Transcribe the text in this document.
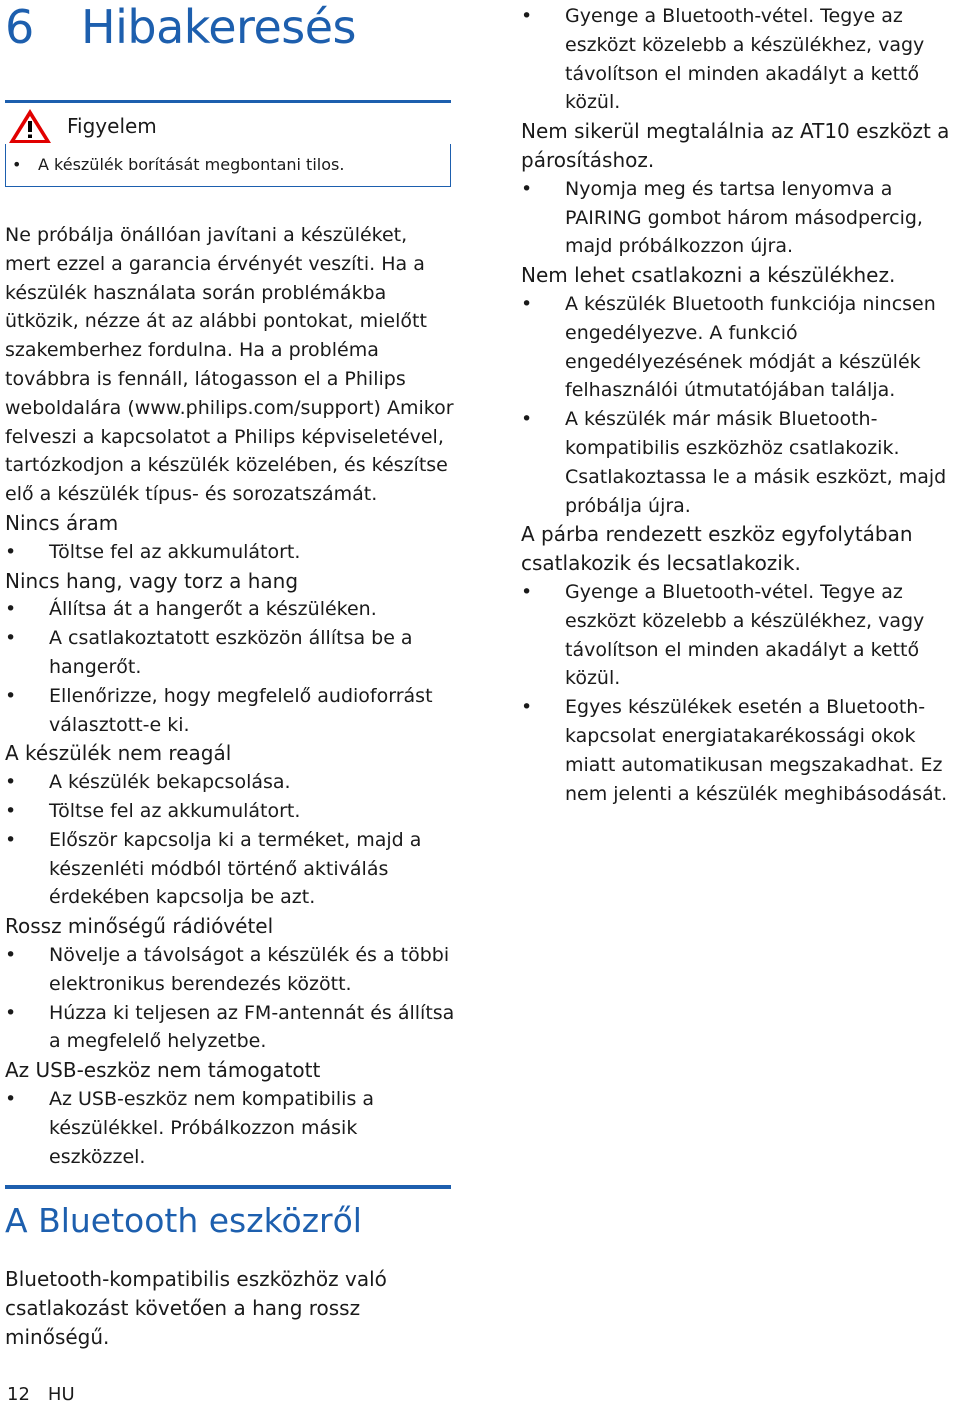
6	Hibakeresés
Figyelem
•	A készülék borítását megbontani tilos.

Ne próbálja önállóan javítani a készüléket, mert ezzel a garancia érvényét veszíti. Ha a készülék használata során problémákba ütközik, nézze át az alábbi pontokat, mielőtt szakemberhez fordulna. Ha a probléma továbbra is fennáll, látogasson el a Philips weboldalára (www.philips.com/support) Amikor felveszi a kapcsolatot a Philips képviseletével, tartózkodjon a készülék közelében, és készítse elő a készülék típus- és sorozatszámát.

Nincs áram
•	Töltse fel az akkumulátort.
Nincs hang, vagy torz a hang
•	Állítsa át a hangerőt a készüléken.
•	A csatlakoztatott eszközön állítsa be a hangerőt.
•	Ellenőrizze, hogy megfelelő audioforrást választott-e ki.
A készülék nem reagál
•	A készülék bekapcsolása.
•	Töltse fel az akkumulátort.
•	Először kapcsolja ki a terméket, majd a készenléti módból történő aktiválás érdekében kapcsolja be azt.
Rossz minőségű rádióvétel
•	Növelje a távolságot a készülék és a többi elektronikus berendezés között.
•	Húzza ki teljesen az FM-antennát és állítsa a megfelelő helyzetbe.
Az USB-eszköz nem támogatott
•	Az USB-eszköz nem kompatibilis a készülékkel. Próbálkozzon másik eszközzel.
•	Gyenge a Bluetooth-vétel. Tegye az eszközt közelebb a készülékhez, vagy távolítson el minden akadályt a kettő közül.
Nem sikerül megtalálnia az AT10 eszközt a párosításhoz.
•	Nyomja meg és tartsa lenyomva a PAIRING gombot három másodpercig, majd próbálkozzon újra.
Nem lehet csatlakozni a készülékhez.
•	A készülék Bluetooth funkciója nincsen engedélyezve. A funkció engedélyezésének módját a készülék felhasználói útmutatójában találja.
•	A készülék már másik Bluetooth-kompatibilis eszközhöz csatlakozik. Csatlakoztassa le a másik eszközt, majd próbálja újra.
A párba rendezett eszköz egyfolytában csatlakozik és lecsatlakozik.
•	Gyenge a Bluetooth-vétel. Tegye az eszközt közelebb a készülékhez, vagy távolítson el minden akadályt a kettő közül.
•	Egyes készülékek esetén a Bluetooth-kapcsolat energiatakarékossági okok miatt automatikusan megszakadhat. Ez nem jelenti a készülék meghibásodását.
A Bluetooth eszközről
Bluetooth-kompatibilis eszközhöz való csatlakozást követően a hang rossz minőségű.
12 HU
